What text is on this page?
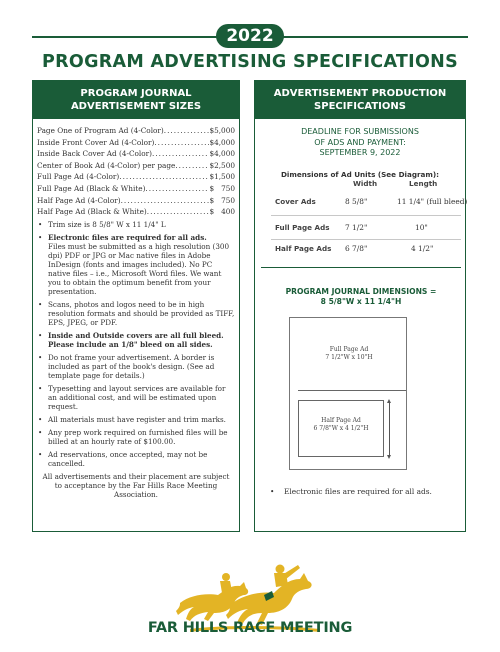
2022
PROGRAM ADVERTISING SPECIFICATIONS
PROGRAM JOURNAL
ADVERTISEMENT SIZES
Page One of Program Ad (4-Color) .....	$5,000
Inside Front Cover Ad (4-Color) .....	$4,000
Inside Back Cover Ad (4-Color) .....	$4,000
Center of Book Ad (4-Color) per page .....	$2,500
Full Page Ad (4-Color) .....	$1,500
Full Page Ad (Black & White) .....	$   750
Half Page Ad (4-Color) .....	$   750
Half Page Ad (Black & White) .....	$   400
• Trim size is 8 5/8" W x 11 1/4" L
• Electronic files are required for all ads.
Files must be submitted as a high resolution (300 dpi) PDF or JPG or Mac native files in Adobe InDesign (fonts and images included). No PC native files – i.e., Microsoft Word files. We want you to obtain the optimum benefit from your presentation.
• Scans, photos and logos need to be in high resolution formats and should be provided as TIFF, EPS, JPEG, or PDF.
• Inside and Outside covers are all full bleed. Please include an 1/8" bleed on all sides.
• Do not frame your advertisement. A border is included as part of the book's design. (See ad template page for details.)
• Typesetting and layout services are available for an additional cost, and will be estimated upon request.
• All materials must have register and trim marks.
• Any prep work required on furnished files will be billed at an hourly rate of $100.00.
• Ad reservations, once accepted, may not be cancelled.
All advertisements and their placement are subject to acceptance by the Far Hills Race Meeting Association.
ADVERTISEMENT PRODUCTION
SPECIFICATIONS
DEADLINE FOR SUBMISSIONS
OF ADS AND PAYMENT:
SEPTEMBER 9, 2022
Dimensions of Ad Units (See Diagram):
Width	Length
Cover Ads	8 5/8"	11 1/4" (full bleed)
Full Page Ads 7 1/2"	10"
Half Page Ads 6 7/8"	4 1/2"
PROGRAM JOURNAL DIMENSIONS =
8 5/8"W x 11 1/4"H
Full Page Ad
7 1/2"W x 10"H
Half Page Ad
6 7/8"W x 4 1/2"H
• Electronic files are required for all ads.
FAR HILLS RACE MEETING
